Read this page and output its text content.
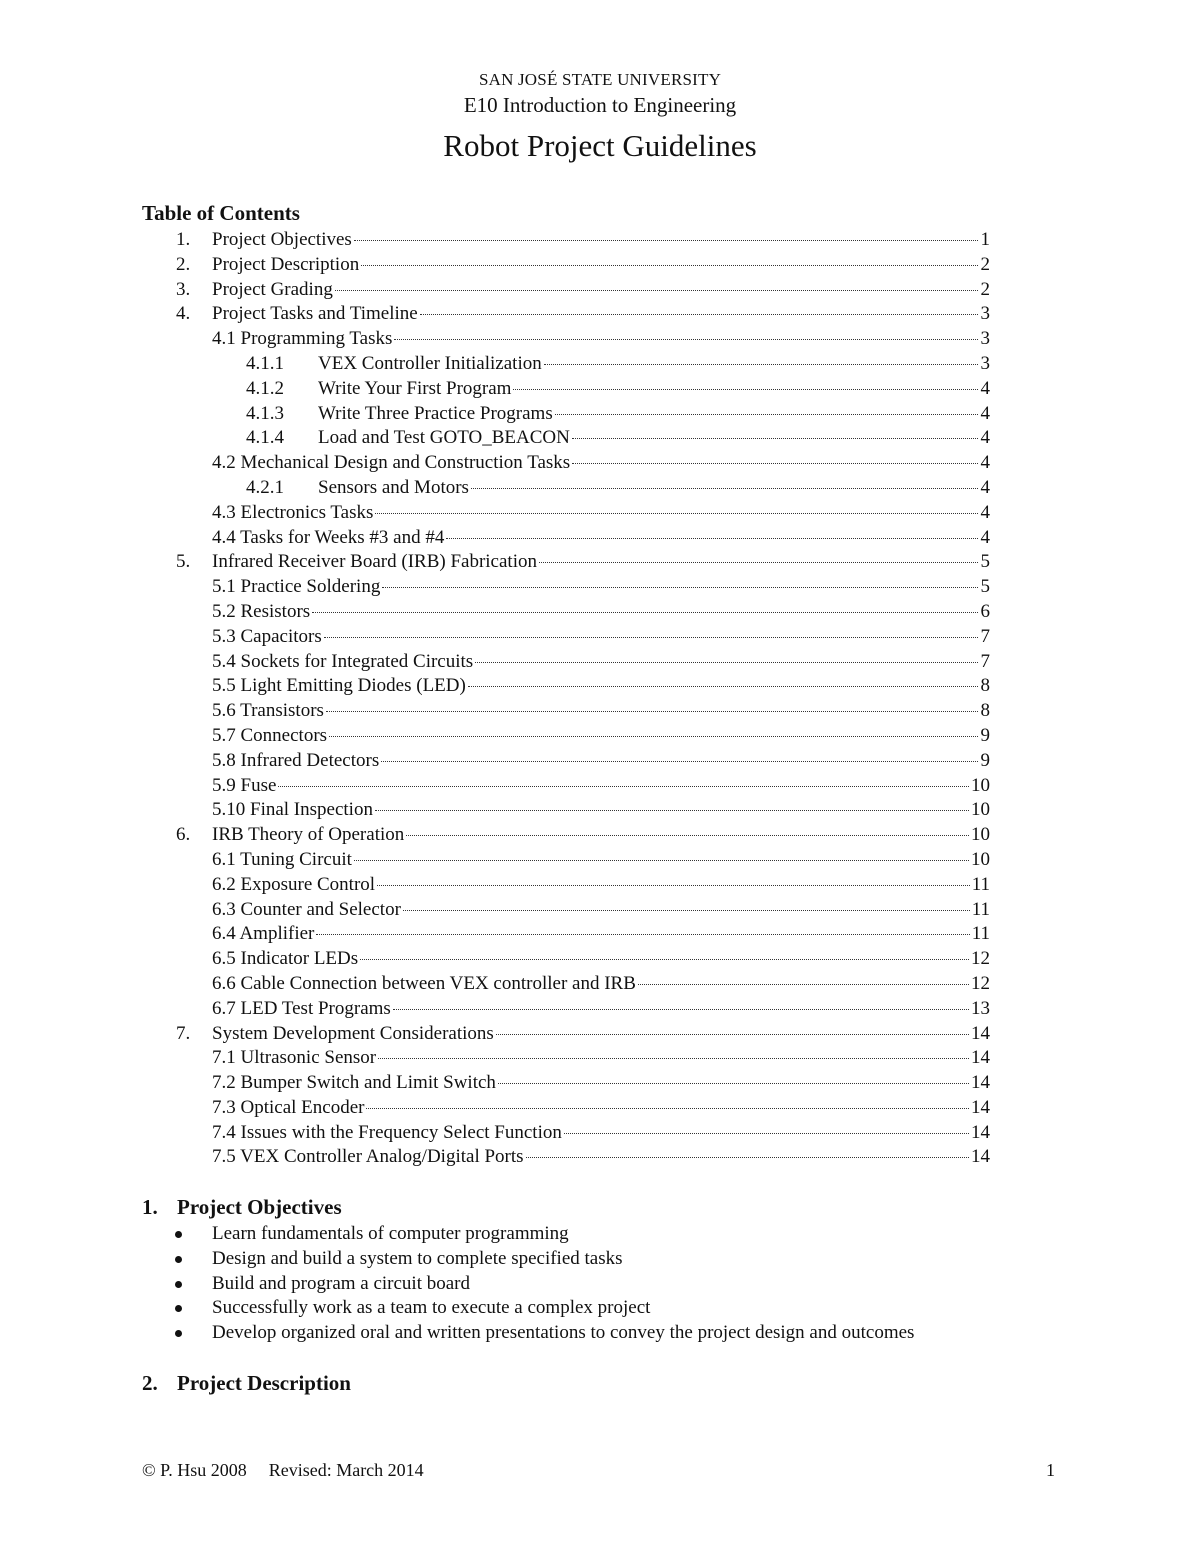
SAN JOSÉ STATE UNIVERSITY
E10 Introduction to Engineering
Robot Project Guidelines
Table of Contents
1.	Project Objectives	1
2.	Project Description	2
3.	Project Grading	2
4.	Project Tasks and Timeline	3
4.1 Programming Tasks	3
4.1.1	VEX Controller Initialization	3
4.1.2	Write Your First Program	4
4.1.3	Write Three Practice Programs	4
4.1.4	Load and Test GOTO_BEACON	4
4.2 Mechanical Design and Construction Tasks	4
4.2.1	Sensors and Motors	4
4.3 Electronics Tasks	4
4.4 Tasks for Weeks #3 and #4	4
5.	Infrared Receiver Board (IRB) Fabrication	5
5.1 Practice Soldering	5
5.2 Resistors	6
5.3 Capacitors	7
5.4 Sockets for Integrated Circuits	7
5.5 Light Emitting Diodes (LED)	8
5.6 Transistors	8
5.7 Connectors	9
5.8 Infrared Detectors	9
5.9 Fuse	10
5.10 Final Inspection	10
6.	IRB Theory of Operation	10
6.1 Tuning Circuit	10
6.2 Exposure Control	11
6.3 Counter and Selector	11
6.4 Amplifier	11
6.5 Indicator LEDs	12
6.6 Cable Connection between VEX controller and IRB	12
6.7 LED Test Programs	13
7.	System Development Considerations	14
7.1 Ultrasonic Sensor	14
7.2 Bumper Switch and Limit Switch	14
7.3 Optical Encoder	14
7.4 Issues with the Frequency Select Function	14
7.5 VEX Controller Analog/Digital Ports	14
1. Project Objectives
Learn fundamentals of computer programming
Design and build a system to complete specified tasks
Build and program a circuit board
Successfully work as a team to execute a complex project
Develop organized oral and written presentations to convey the project design and outcomes
2. Project Description
© P. Hsu 2008 Revised: March 2014	1
